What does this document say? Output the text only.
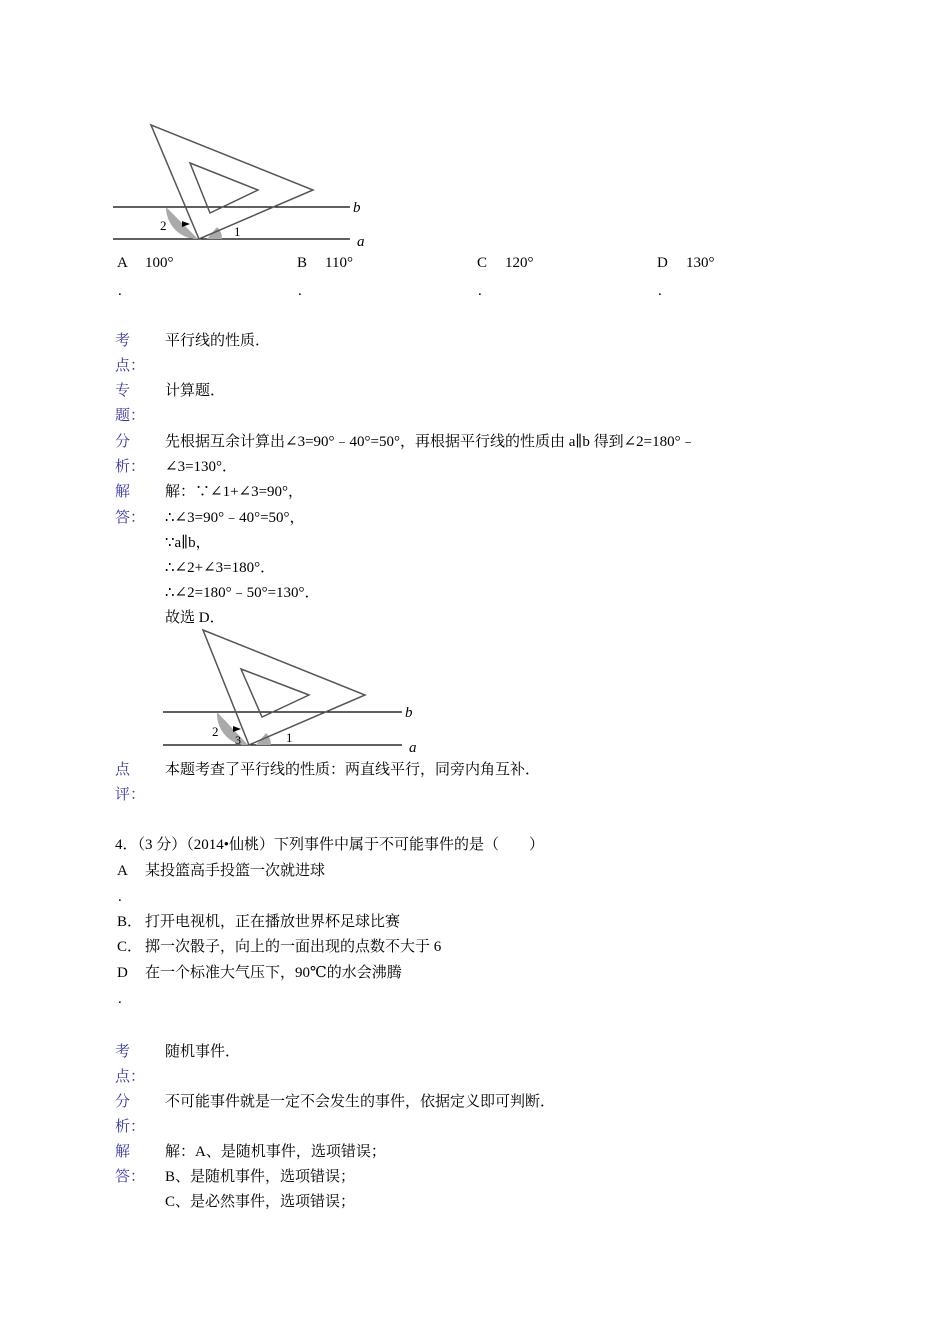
b
a
1
2
A 100°
.
B 110°
.
C 120°
.
D 130°
.
考
点：
平行线的性质．
专
题：
计算题．
分
析：
先根据互余计算出∠3=90°﹣40°=50°，再根据平行线的性质由 a∥b 得到∠2=180°﹣
∠3=130°．
解
答：
解：∵∠1+∠3=90°，
∴∠3=90°﹣40°=50°，
∵a∥b，
∴∠2+∠3=180°．
∴∠2=180°﹣50°=130°．
故选 D．
b
a
1
2
3
点
评：
本题考查了平行线的性质：两直线平行，同旁内角互补．
4．（3 分）（2014•仙桃）下列事件中属于不可能事件的是（　　）
A 某投篮高手投篮一次就进球
.
B． 打开电视机，正在播放世界杯足球比赛
C． 掷一次骰子，向上的一面出现的点数不大于 6
D 在一个标准大气压下，90℃的水会沸腾
.
考
点：
随机事件．
分
析：
不可能事件就是一定不会发生的事件，依据定义即可判断．
解
答：
解：A、是随机事件，选项错误；
B、是随机事件，选项错误；
C、是必然事件，选项错误；
